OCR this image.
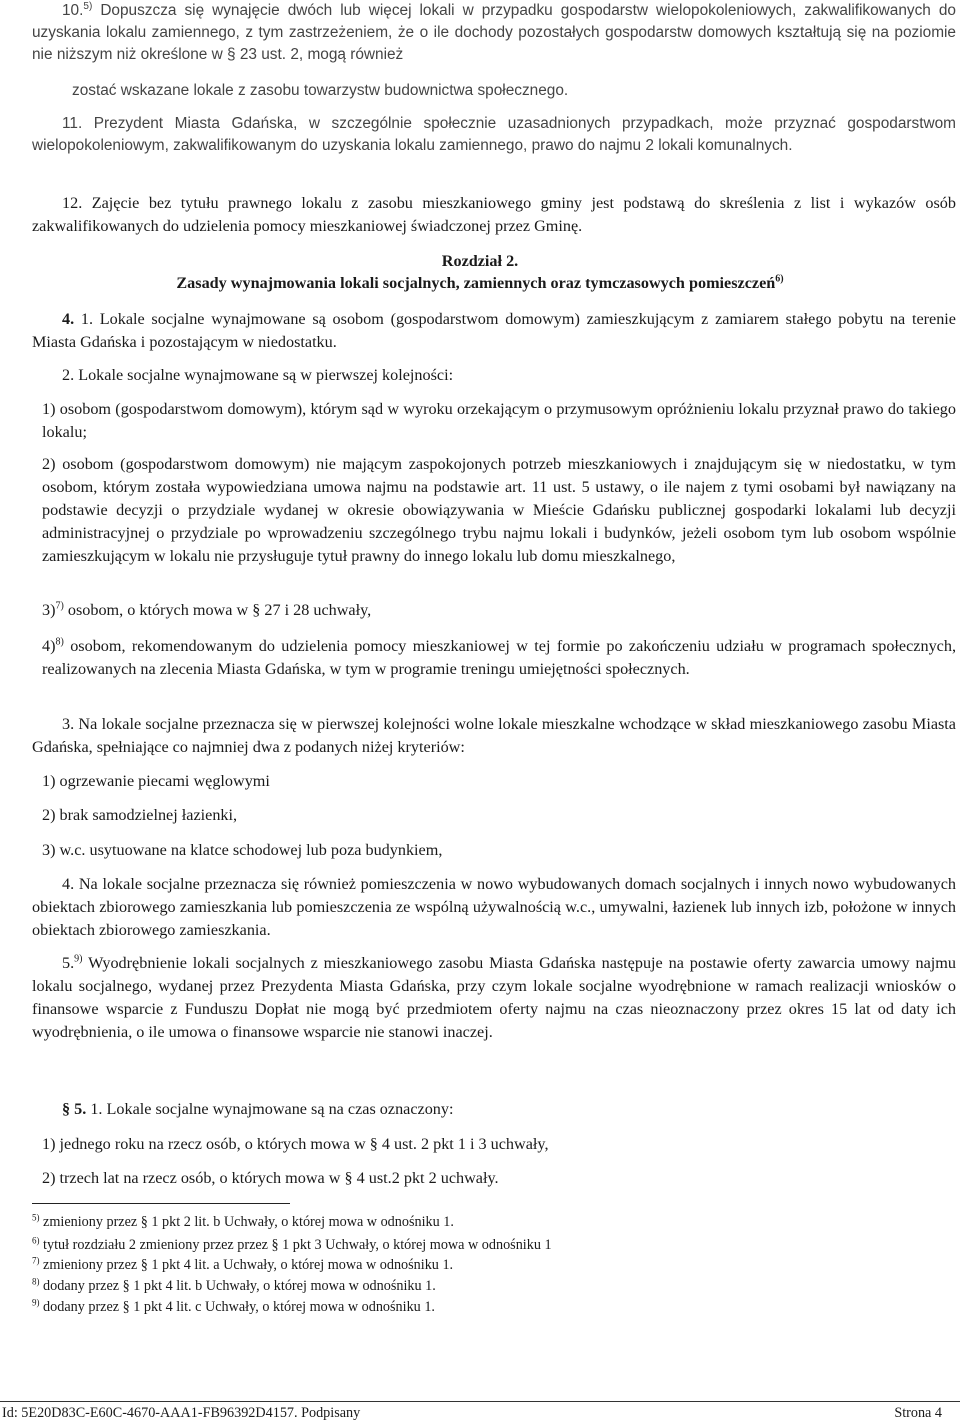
10.$^{5)}$ Dopuszcza się wynajęcie dwóch lub więcej lokali w przypadku gospodarstw wielopokoleniowych, zakwalifikowanych do uzyskania lokalu zamiennego, z tym zastrzeżeniem, że o ile dochody pozostałych gospodarstw domowych kształtują się na poziomie nie niższym niż określone w § 23 ust. 2, mogą również

zostać wskazane lokale z zasobu towarzystw budownictwa społecznego.

11. Prezydent Miasta Gdańska, w szczególnie społecznie uzasadnionych przypadkach, może przyznać gospodarstwom wielopokoleniowym, zakwalifikowanym do uzyskania lokalu zamiennego, prawo do najmu 2 lokali komunalnych.

12. Zajęcie bez tytułu prawnego lokalu z zasobu mieszkaniowego gminy jest podstawą do skreślenia z list i wykazów osób zakwalifikowanych do udzielenia pomocy mieszkaniowej świadczonej przez Gminę.

Rozdział 2.

Zasady wynajmowania lokali socjalnych, zamiennych oraz tymczasowych pomieszczeń$^{6)}$

4. 1. Lokale socjalne wynajmowane są osobom (gospodarstwom domowym) zamieszkującym z zamiarem stałego pobytu na terenie Miasta Gdańska i pozostającym w niedostatku.

2. Lokale socjalne wynajmowane są w pierwszej kolejności:

1) osobom (gospodarstwom domowym), którym sąd w wyroku orzekającym o przymusowym opróżnieniu lokalu przyznał prawo do takiego lokalu;

2) osobom (gospodarstwom domowym) nie mającym zaspokojonych potrzeb mieszkaniowych i znajdującym się w niedostatku, w tym osobom, którym została wypowiedziana umowa najmu na podstawie art. 11 ust. 5 ustawy, o ile najem z tymi osobami był nawiązany na podstawie decyzji o przydziale wydanej w okresie obowiązywania w Mieście Gdańsku publicznej gospodarki lokalami lub decyzji administracyjnej o przydziale po wprowadzeniu szczególnego trybu najmu lokali i budynków, jeżeli osobom tym lub osobom wspólnie zamieszkującym w lokalu nie przysługuje tytuł prawny do innego lokalu lub domu mieszkalnego,

3)$^{7)}$ osobom, o których mowa w § 27 i 28 uchwały,

4)$^{8)}$ osobom, rekomendowanym do udzielenia pomocy mieszkaniowej w tej formie po zakończeniu udziału w programach społecznych, realizowanych na zlecenia Miasta Gdańska, w tym w programie treningu umiejętności społecznych.

3. Na lokale socjalne przeznacza się w pierwszej kolejności wolne lokale mieszkalne wchodzące w skład mieszkaniowego zasobu Miasta Gdańska, spełniające co najmniej dwa z podanych niżej kryteriów:

1) ogrzewanie piecami węglowymi

2) brak samodzielnej łazienki,

3) w.c. usytuowane na klatce schodowej lub poza budynkiem,

4. Na lokale socjalne przeznacza się również pomieszczenia w nowo wybudowanych domach socjalnych i innych nowo wybudowanych obiektach zbiorowego zamieszkania lub pomieszczenia ze wspólną używalnością w.c., umywalni, łazienek lub innych izb, położone w innych obiektach zbiorowego zamieszkania.

5.$^{9)}$ Wyodrębnienie lokali socjalnych z mieszkaniowego zasobu Miasta Gdańska następuje na postawie oferty zawarcia umowy najmu lokalu socjalnego, wydanej przez Prezydenta Miasta Gdańska, przy czym lokale socjalne wyodrębnione w ramach realizacji wniosków o finansowe wsparcie z Funduszu Dopłat nie mogą być przedmiotem oferty najmu na czas nieoznaczony przez okres 15 lat od daty ich wyodrębnienia, o ile umowa o finansowe wsparcie nie stanowi inaczej.

§ 5. 1. Lokale socjalne wynajmowane są na czas oznaczony:

1) jednego roku na rzecz osób, o których mowa w § 4 ust. 2 pkt 1 i 3 uchwały,

2) trzech lat na rzecz osób, o których mowa w § 4 ust.2 pkt 2 uchwały.

$^{5)}$ zmieniony przez § 1 pkt 2 lit. b Uchwały, o której mowa w odnośniku 1.

$^{6)}$ tytuł rozdziału 2 zmieniony przez przez § 1 pkt 3 Uchwały, o której mowa w odnośniku 1

$^{7)}$ zmieniony przez § 1 pkt 4 lit. a Uchwały, o której mowa w odnośniku 1.

$^{8)}$ dodany przez § 1 pkt 4 lit. b Uchwały, o której mowa w odnośniku 1.

$^{9)}$ dodany przez § 1 pkt 4 lit. c Uchwały, o której mowa w odnośniku 1.

Id: 5E20D83C-E60C-4670-AAA1-FB96392D4157. Podpisany	Strona 4
